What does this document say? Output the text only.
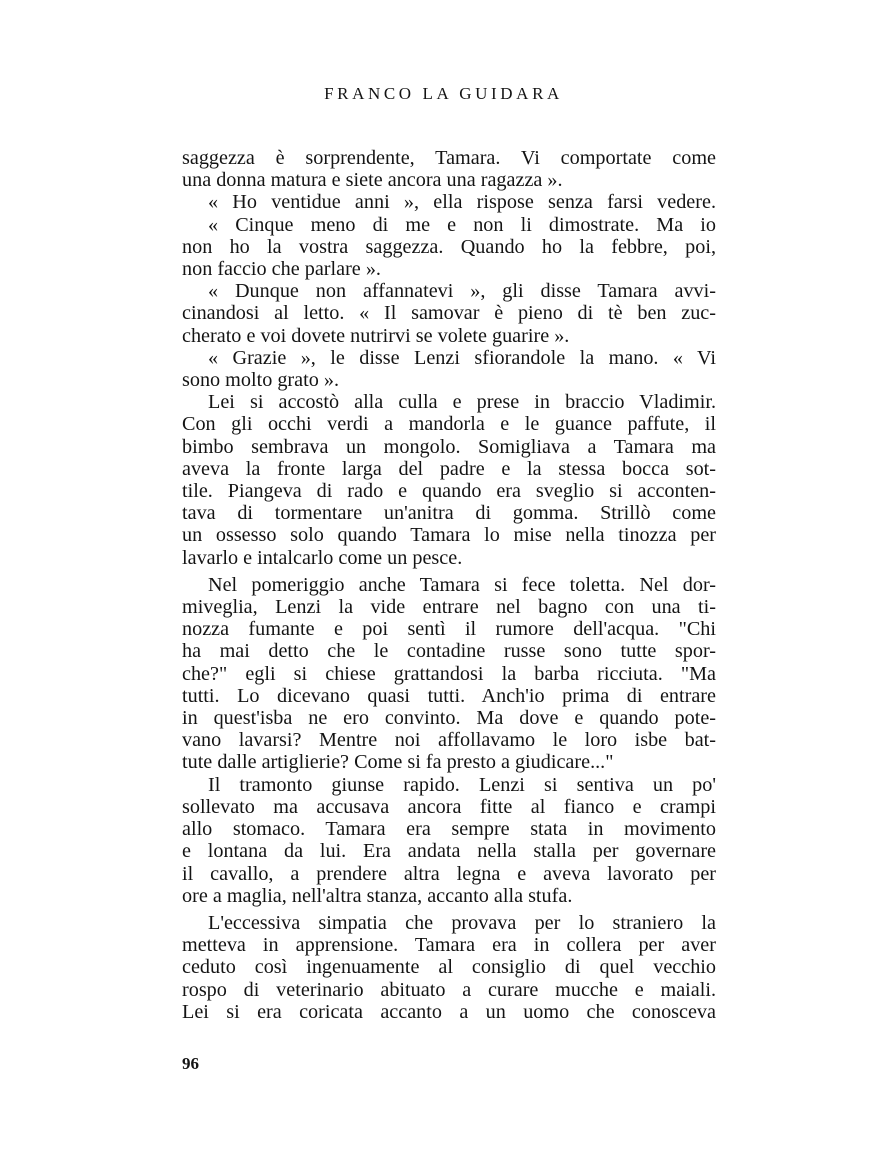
FRANCO LA GUIDARA

saggezza è sorprendente, Tamara. Vi comportate come
una donna matura e siete ancora una ragazza ».

« Ho ventidue anni », ella rispose senza farsi vedere.

« Cinque meno di me e non li dimostrate. Ma io
non ho la vostra saggezza. Quando ho la febbre, poi,
non faccio che parlare ».

« Dunque non affannatevi », gli disse Tamara avvi-
cinandosi al letto. « Il samovar è pieno di tè ben zuc-
cherato e voi dovete nutrirvi se volete guarire ».

« Grazie », le disse Lenzi sfiorandole la mano. « Vi
sono molto grato ».

Lei si accostò alla culla e prese in braccio Vladimir.
Con gli occhi verdi a mandorla e le guance paffute, il
bimbo sembrava un mongolo. Somigliava a Tamara ma
aveva la fronte larga del padre e la stessa bocca sot-
tile. Piangeva di rado e quando era sveglio si acconten-
tava di tormentare un'anitra di gomma. Strillò come
un ossesso solo quando Tamara lo mise nella tinozza per
lavarlo e intalcarlo come un pesce.

Nel pomeriggio anche Tamara si fece toletta. Nel dor-
miveglia, Lenzi la vide entrare nel bagno con una ti-
nozza fumante e poi sentì il rumore dell'acqua. "Chi
ha mai detto che le contadine russe sono tutte spor-
che?" egli si chiese grattandosi la barba ricciuta. "Ma
tutti. Lo dicevano quasi tutti. Anch'io prima di entrare
in quest'isba ne ero convinto. Ma dove e quando pote-
vano lavarsi? Mentre noi affollavamo le loro isbe bat-
tute dalle artiglierie? Come si fa presto a giudicare..."

Il tramonto giunse rapido. Lenzi si sentiva un po'
sollevato ma accusava ancora fitte al fianco e crampi
allo stomaco. Tamara era sempre stata in movimento
e lontana da lui. Era andata nella stalla per governare
il cavallo, a prendere altra legna e aveva lavorato per
ore a maglia, nell'altra stanza, accanto alla stufa.

L'eccessiva simpatia che provava per lo straniero la
metteva in apprensione. Tamara era in collera per aver
ceduto così ingenuamente al consiglio di quel vecchio
rospo di veterinario abituato a curare mucche e maiali.
Lei si era coricata accanto a un uomo che conosceva

96
